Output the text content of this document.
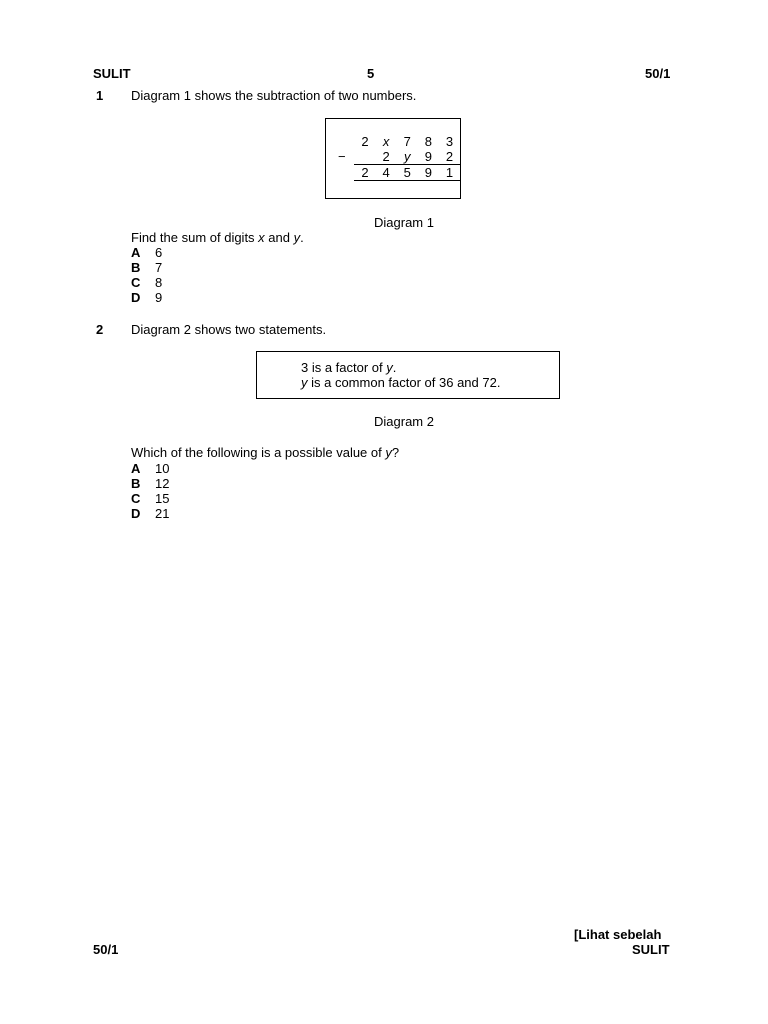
SULIT	5	50/1
1 Diagram 1 shows the subtraction of two numbers.
	2	x	7	8	3
−		2	y	9	2
	2	4	5	9	1
Diagram 1
Find the sum of digits x and y.
A 6
B 7
C 8
D 9
2 Diagram 2 shows two statements.
3 is a factor of y.
y is a common factor of 36 and 72.
Diagram 2
Which of the following is a possible value of y?
A 10
B 12
C 15
D 21
[Lihat sebelah
50/1	SULIT
